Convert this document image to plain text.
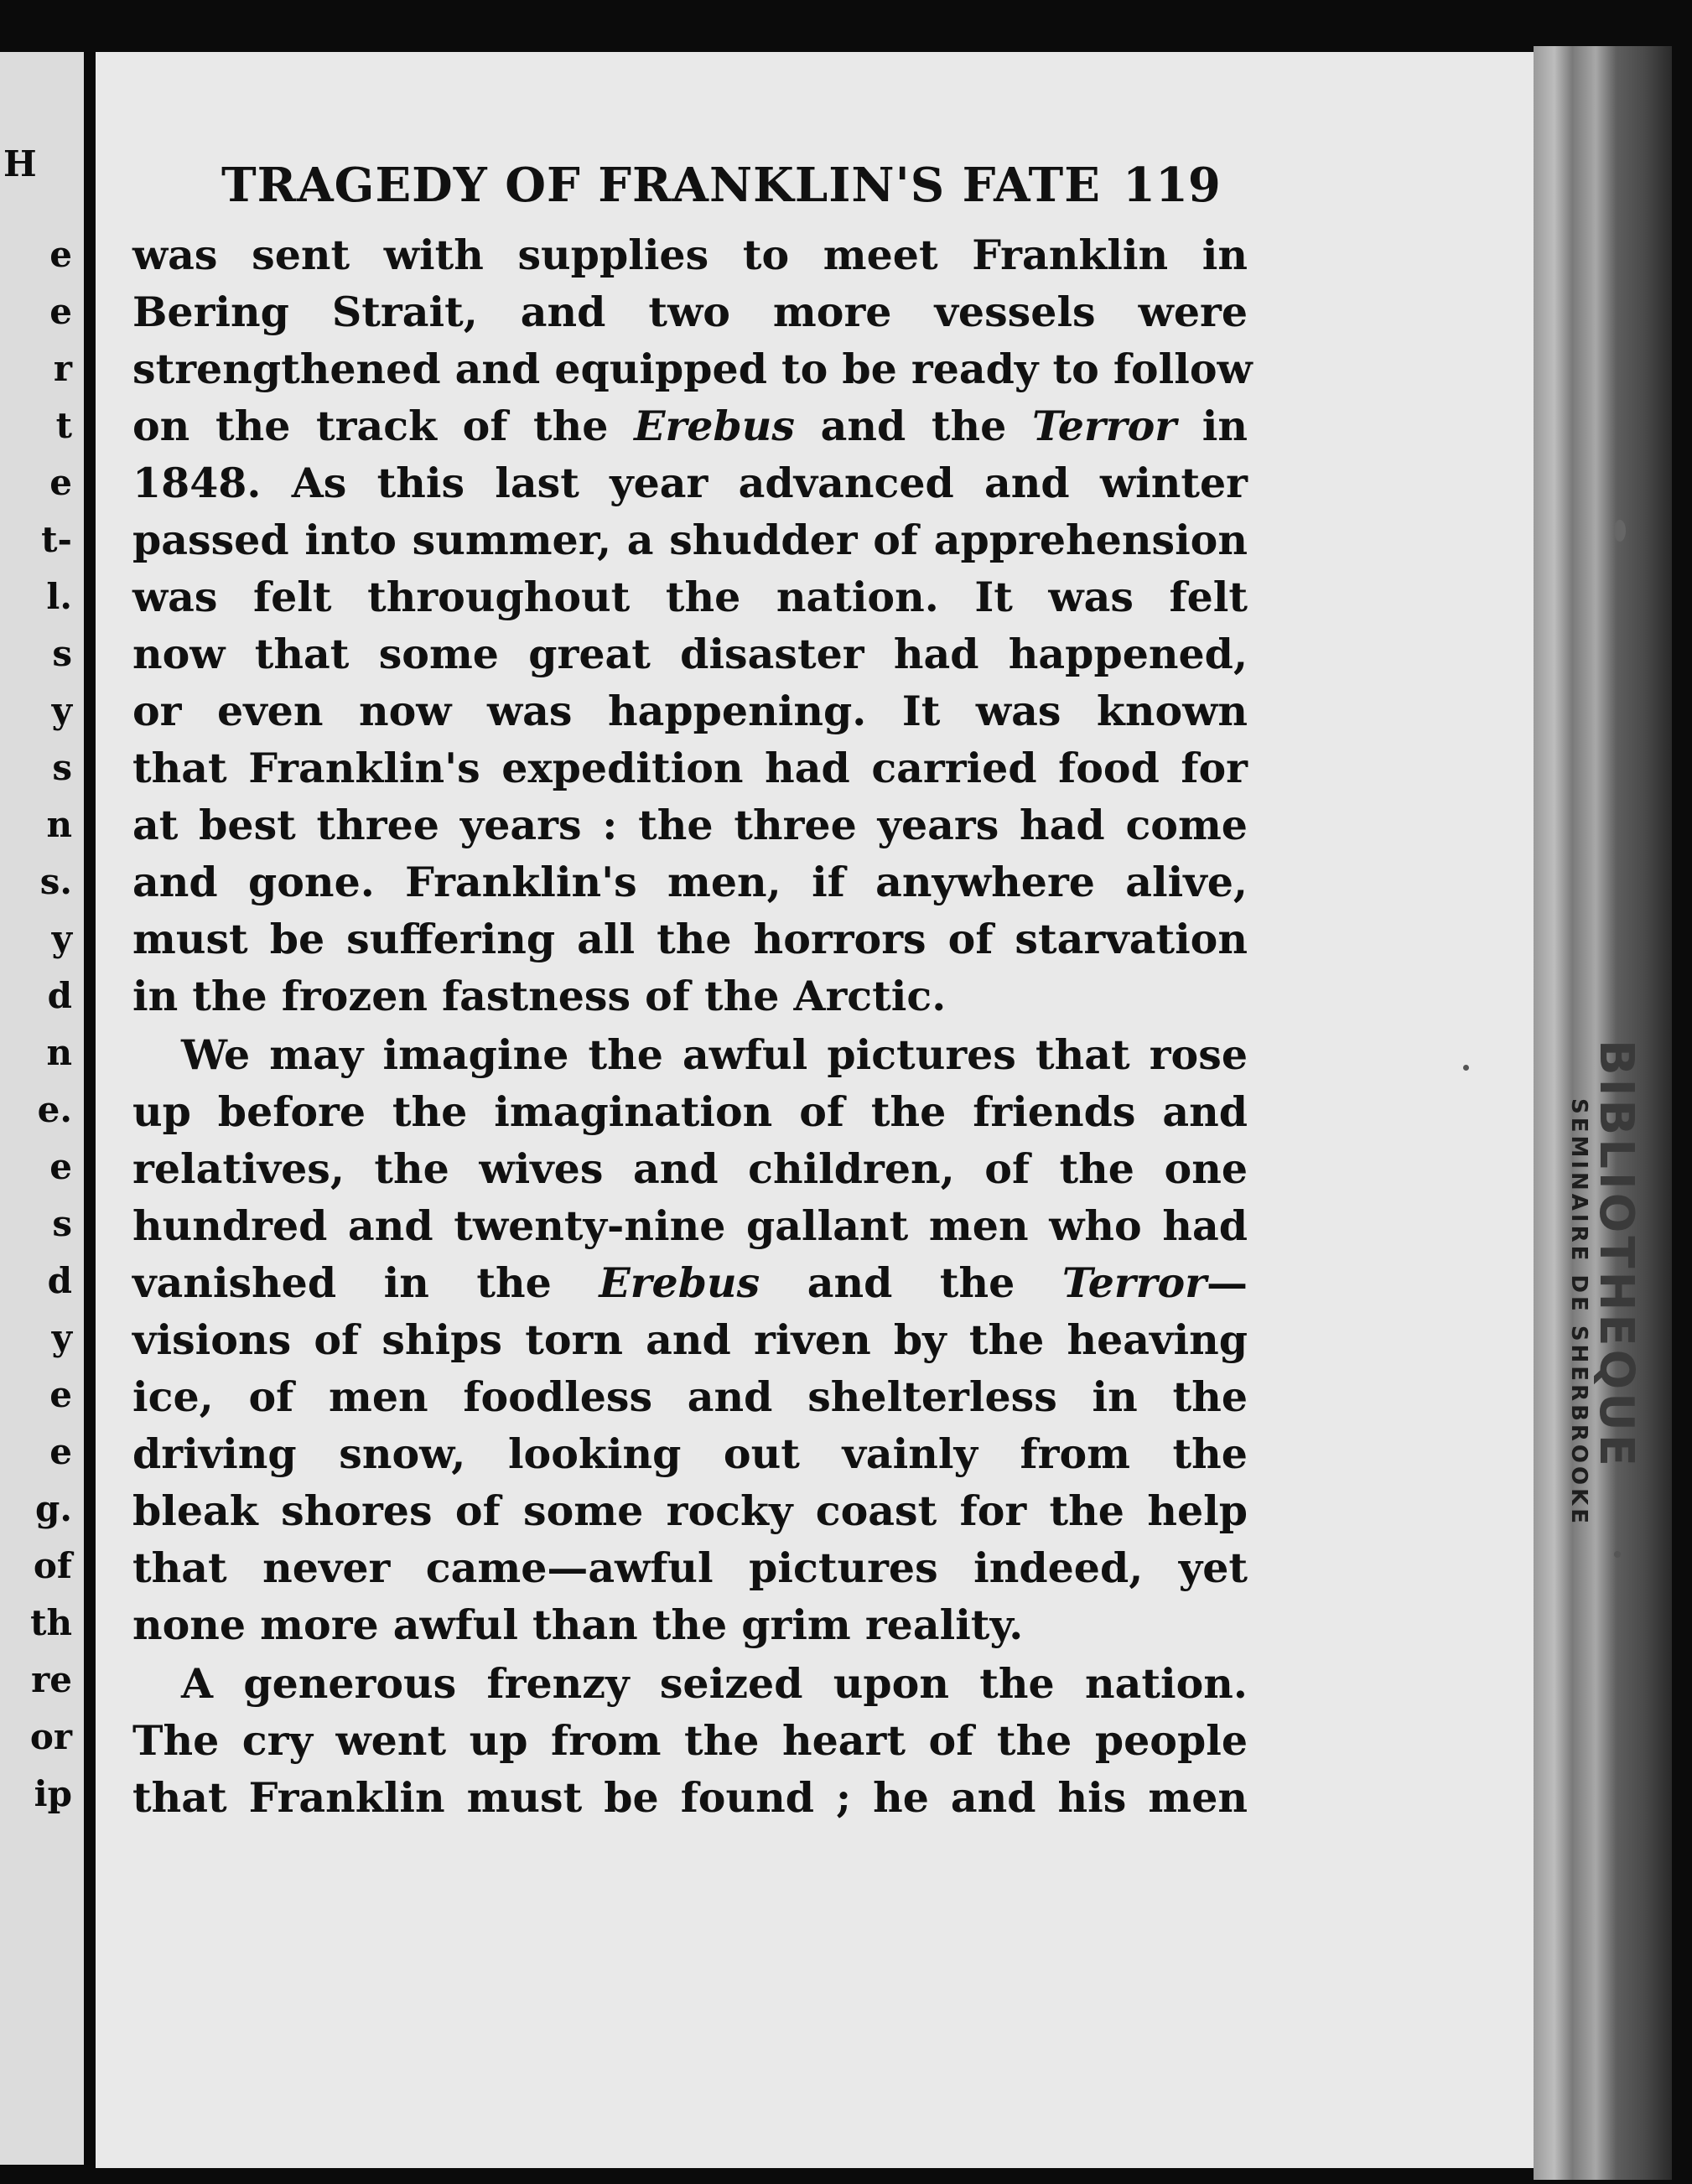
H
e
e
r
t
e
t-
l.
s
y
s
n
s.
y
d
n
e.
e
s
d
y
e
e
g.
of
th
re
or
ip
TRAGEDY OF FRANKLIN'S FATE 119
was sent with supplies to meet Franklin in
Bering Strait, and two more vessels were
strengthened and equipped to be ready to follow
on the track of the Erebus and the Terror in
1848. As this last year advanced and winter
passed into summer, a shudder of apprehension
was felt throughout the nation. It was felt
now that some great disaster had happened,
or even now was happening. It was known
that Franklin's expedition had carried food for
at best three years : the three years had come
and gone. Franklin's men, if anywhere alive,
must be suffering all the horrors of starvation
in the frozen fastness of the Arctic.
We may imagine the awful pictures that rose
up before the imagination of the friends and
relatives, the wives and children, of the one
hundred and twenty-nine gallant men who had
vanished in the Erebus and the Terror—
visions of ships torn and riven by the heaving
ice, of men foodless and shelterless in the
driving snow, looking out vainly from the
bleak shores of some rocky coast for the help
that never came—awful pictures indeed, yet
none more awful than the grim reality.
A generous frenzy seized upon the nation.
The cry went up from the heart of the people
that Franklin must be found ; he and his men
BIBLIOTHEQUE
SEMINAIRE DE SHERBROOKE
